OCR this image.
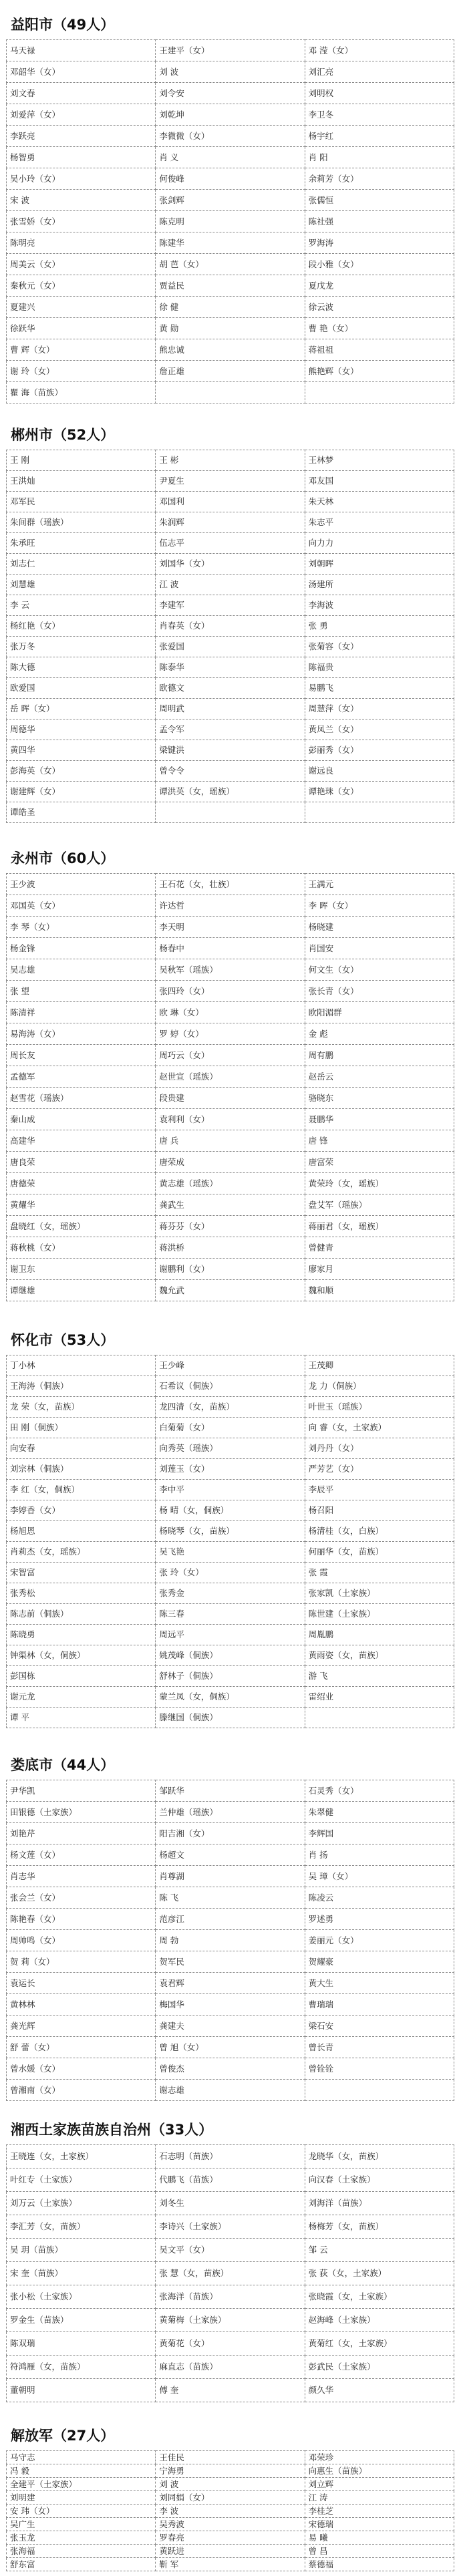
益阳市（49人）
马天禄	王建平（女）	邓 滢（女）
邓韶华（女）	刘 波	刘汇亮
刘文春	刘令安	刘明权
刘爱萍（女）	刘乾坤	李卫冬
李跃亮	李微微（女）	杨宇红
杨智勇	肖 义	肖 阳
吴小玲（女）	何俊峰	余莉芳（女）
宋 波	张剑辉	张儒恒
张雪娇（女）	陈克明	陈社强
陈明亮	陈建华	罗海涛
周美云（女）	胡 芭（女）	段小雅（女）
秦秋元（女）	贾益民	夏戊龙
夏建兴	徐 健	徐云波
徐跃华	黄 勋	曹 艳（女）
曹 辉（女）	熊忠诚	蒋祖祖
谢 玲（女）	詹正雄	熊艳辉（女）
瞿 海（苗族）		
郴州市（52人）
王 刚	王 彬	王林梦
王洪灿	尹夏生	邓友国
邓军民	邓国利	朱天林
朱间群（瑶族）	朱润辉	朱志平
朱承旺	伍志平	向力力
刘志仁	刘国华（女）	刘朝晖
刘慧雄	江 波	汤建所
李 云	李建军	李海波
杨红艳（女）	肖春英（女）	张 勇
张万冬	张爱国	张菊容（女）
陈大德	陈泰华	陈福贵
欧爱国	欧德文	易鹏飞
岳 晖（女）	周明武	周慧萍（女）
周德华	孟令军	黄凤兰（女）
黄四华	梁键洪	彭丽秀（女）
彭海英（女）	曾令令	谢远良
谢建辉（女）	谭洪英（女，瑶族）	谭艳珠（女）
谭皓圣		
永州市（60人）
王少波	王石花（女，壮族）	王满元
邓国英（女）	许达哲	李 晖（女）
李 琴（女）	李天明	杨晓建
杨金锋	杨春中	肖国安
吴志雄	吴秋军（瑶族）	何文生（女）
张 望	张四玲（女）	张长青（女）
陈清祥	欧 琳（女）	欧阳湄群
易海涛（女）	罗 婷（女）	金 彪
周长友	周巧云（女）	周有鹏
孟德军	赵世宣（瑶族）	赵岳云
赵雪花（瑶族）	段贵建	骆晓东
秦山成	袁利利（女）	聂鹏华
高建华	唐 兵	唐 锋
唐良荣	唐荣成	唐富荣
唐德荣	黄志雄（瑶族）	黄荣玲（女，瑶族）
黄耀华	龚武生	盘艾军（瑶族）
盘晓红（女，瑶族）	蒋芬芬（女）	蒋丽君（女，瑶族）
蒋秋桃（女）	蒋洪桥	曾健青
谢卫东	谢鹏利（女）	廖家月
谭继雄	魏允武	魏和顺
怀化市（53人）
丁小林	王少峰	王茂卿
王海涛（侗族）	石希议（侗族）	龙 力（侗族）
龙 荣（女，苗族）	龙四清（女，苗族）	叶世玉（瑶族）
田 刚（侗族）	白菊菊（女）	向 睿（女，土家族）
向安春	向秀英（瑶族）	刘丹丹（女）
刘宗林（侗族）	刘莲玉（女）	严芳艺（女）
李 红（女，侗族）	李中平	李辰平
李婷香（女）	杨 晴（女，侗族）	杨召阳
杨旭恩	杨晓琴（女，苗族）	杨清桂（女，白族）
肖莉杰（女，瑶族）	吴飞艳	何丽华（女，苗族）
宋智富	张 玲（女）	张 霞
张秀松	张秀金	张家凯（土家族）
陈志前（侗族）	陈三春	陈世建（土家族）
陈晓勇	周远平	周胤鹏
钟渠林（女，侗族）	姚茂峰（侗族）	黄雨姿（女，苗族）
彭国栋	舒林子（侗族）	游 飞
谢元龙	蒙兰凤（女，侗族）	雷绍业
谭 平	滕继国（侗族）	
娄底市（44人）
尹华凯	邹跃华	石灵秀（女）
田银德（土家族）	兰仲雄（瑶族）	朱翠健
刘艳芹	阳吉湘（女）	李辉国
杨文莲（女）	杨超文	肖 扬
肖志华	肖尊湖	吴 璋（女）
张会兰（女）	陈 飞	陈凌云
陈艳春（女）	范彦江	罗述勇
周帅鸣（女）	周 勃	姜丽元（女）
贺 莉（女）	贺军民	贺耀豪
袁运长	袁君辉	黄大生
黄林林	梅国华	曹瑞瑞
龚光辉	龚建夫	梁石安
舒 蕾（女）	曾 旭（女）	曾长青
曾水媛（女）	曾俊杰	曾铨铨
曾湘南（女）	谢志雄	
湘西土家族苗族自治州（33人）
王晓连（女，土家族）	石志明（苗族）	龙晓华（女，苗族）
叶红专（土家族）	代鹏飞（苗族）	向汉春（土家族）
刘万云（土家族）	刘冬生	刘海洋（苗族）
李汇芳（女，苗族）	李诗兴（土家族）	杨梅芳（女，苗族）
吴 玥（苗族）	吴文平（女）	邹 云
宋 奎（苗族）	张 慧（女，苗族）	张 荻（女，土家族）
张小松（土家族）	张海洋（苗族）	张晓霞（女，土家族）
罗金生（苗族）	黄菊梅（土家族）	赵海峰（土家族）
陈双瑞	黄菊花（女）	黄菊红（女，土家族）
符鸿雁（女，苗族）	麻直志（苗族）	彭武民（土家族）
董朝明	傅 奎	颜久华
解放军（27人）
马守志	王佳民	邓荣珍
冯 毅	宁海勇	向惠生（苗族）
全建平（土家族）	刘 波	刘立辉
刘明建	刘同娟（女）	江 涛
安 玮（女）	李 波	李桂芝
吴广生	吴秀波	宋德瑞
张玉龙	罗春亮	易 曦
张海福	黄跃进	曾 昌
舒东富	靳 军	蔡德福
